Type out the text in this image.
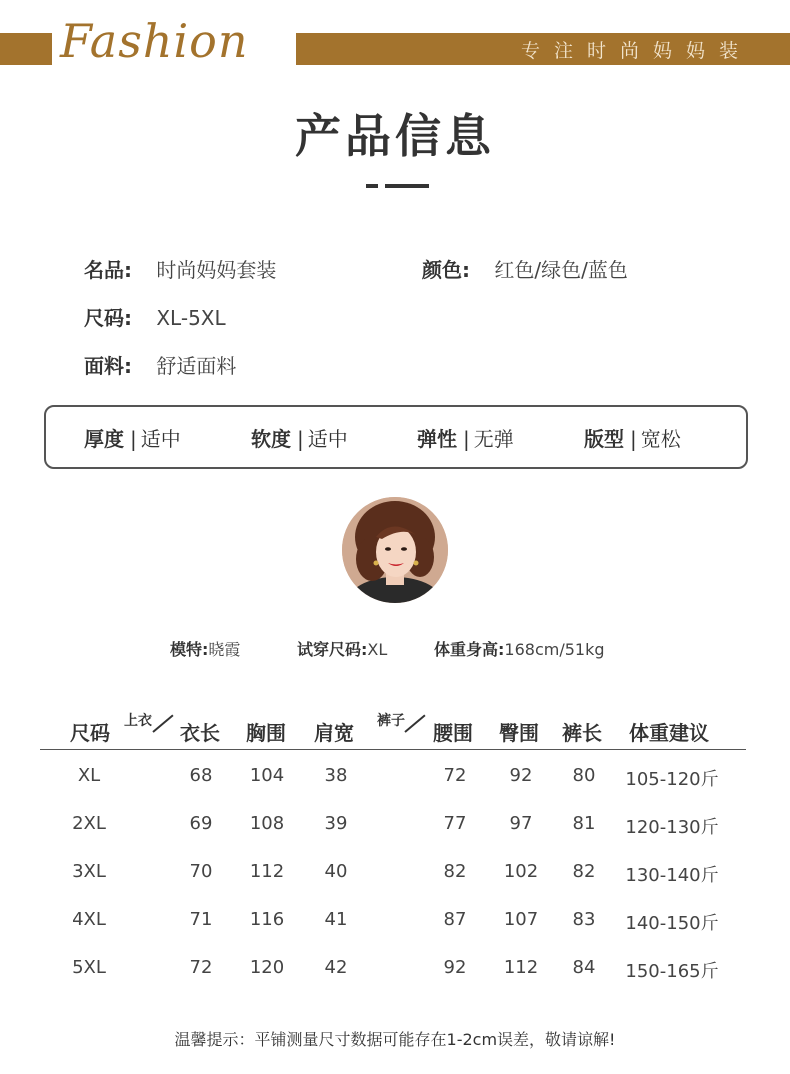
Fashion	专注时尚妈妈装
产品信息
名品: 时尚妈妈套装	颜色: 红色/绿色/蓝色
尺码: XL-5XL
面料: 舒适面料
厚度 | 适中	软度 | 适中	弹性 | 无弹	版型 | 宽松
模特:晓霞	试穿尺码:XL	体重身高:168cm/51kg
尺码 上衣 衣长 胸围 肩宽 裤子 腰围 臀围 裤长 体重建议
XL	68	104	38	72	92	80	105-120斤
2XL	69	108	39	77	97	81	120-130斤
3XL	70	112	40	82	102	82	130-140斤
4XL	71	116	41	87	107	83	140-150斤
5XL	72	120	42	92	112	84	150-165斤
温馨提示：平铺测量尺寸数据可能存在1-2cm误差，敬请谅解!
